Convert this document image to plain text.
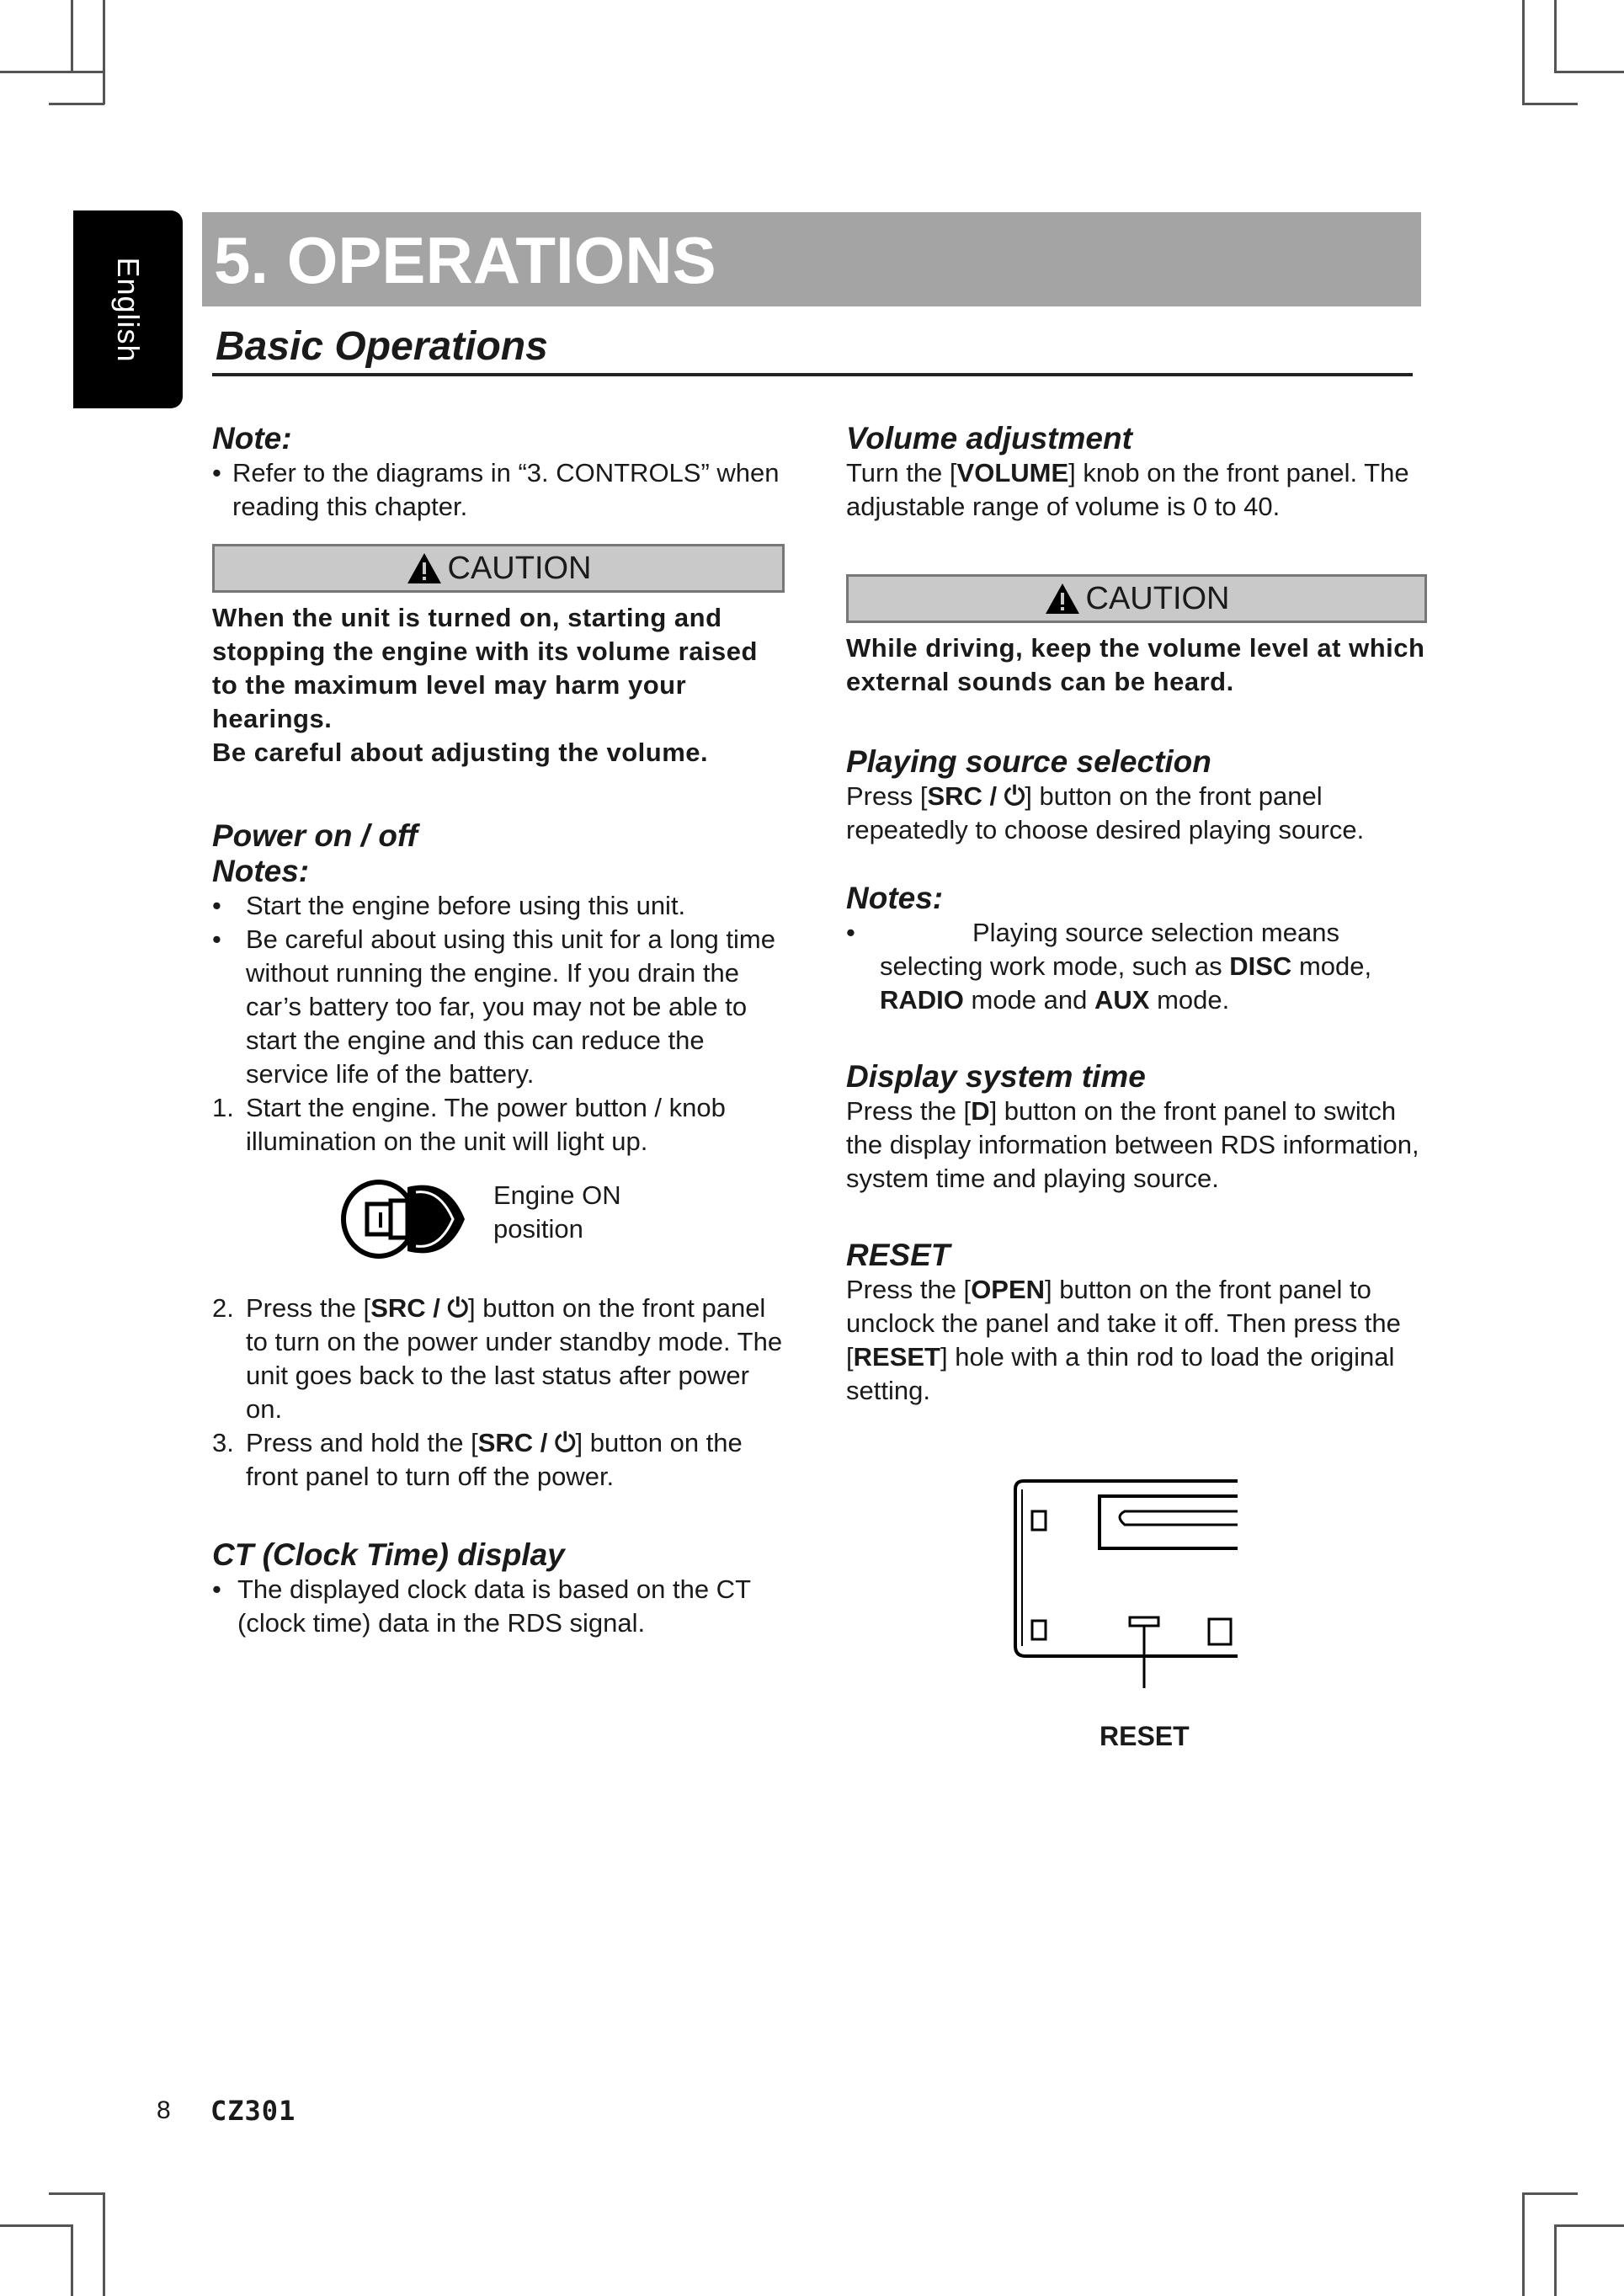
English 5. OPERATIONS
Basic Operations

Note:

• Refer to the diagrams in “3. CONTROLS” when reading this chapter.
CAUTION

When the unit is turned on, starting and stopping the engine with its volume raised to the maximum level may harm your hearings.

Be careful about adjusting the volume.

Power on / off

Notes:

• Start the engine before using this unit.
• Be careful about using this unit for a long time without running the engine. If you drain the car’s battery too far, you may not be able to start the engine and this can reduce the service life of the battery.
1. Start the engine. The power button / knob illumination on the unit will light up.
Engine ON position
2. Press the [SRC / ⏻] button on the front panel to turn on the power under standby mode. The unit goes back to the last status after power on.
3. Press and hold the [SRC / ⏻] button on the front panel to turn off the power.

CT (Clock Time) display

• The displayed clock data is based on the CT (clock time) data in the RDS signal.

Volume adjustment

Turn the [VOLUME] knob on the front panel. The adjustable range of volume is 0 to 40.

CAUTION

While driving, keep the volume level at which external sounds can be heard.

Playing source selection

Press [SRC / ⏻] button on the front panel repeatedly to choose desired playing source.

Notes:

•	Playing source selection means selecting work mode, such as DISC mode, RADIO mode and AUX mode.

Display system time

Press the [D] button on the front panel to switch the display information between RDS information, system time and playing source.

RESET

Press the [OPEN] button on the front panel to unclock the panel and take it off. Then press the [RESET] hole with a thin rod to load the original setting.

RESET
8 CZ301
